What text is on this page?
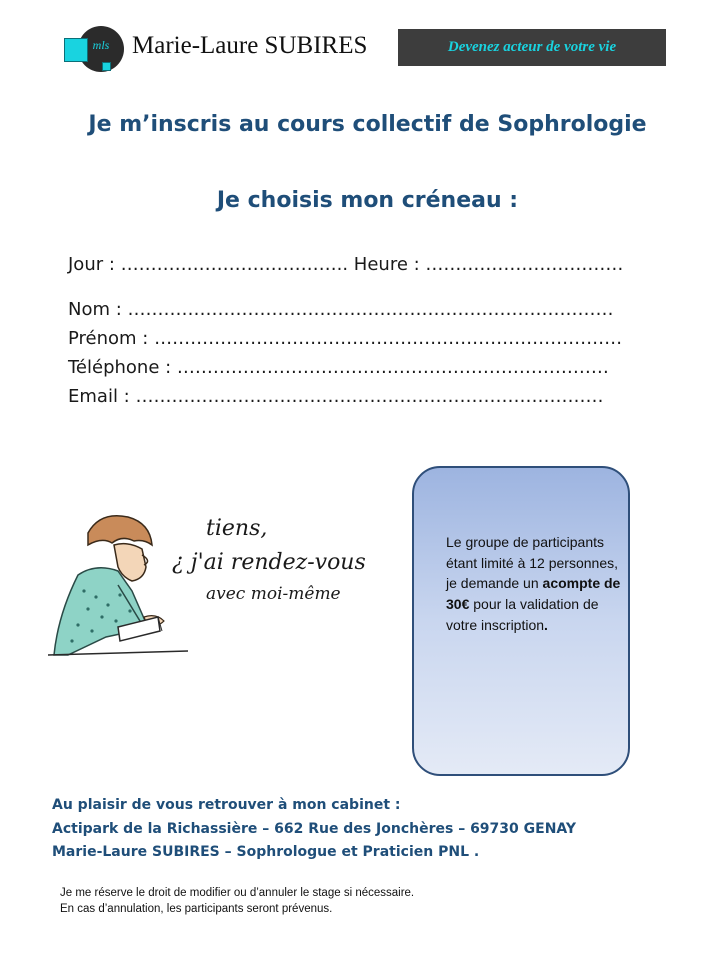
mls Marie-Laure SUBIRES	Devenez acteur de votre vie
Je m’inscris au cours collectif de Sophrologie
Je choisis mon créneau :
Jour : ……………………………….. Heure : ……………………………
Nom : ………………………………………………………………………
Prénom : ……………………………………………………………………
Téléphone : ………………………………………………………………
Email : ……………………………………………………………………
tiens,
¿ j'ai rendez-vous
avec moi-même
Le groupe de participants étant limité à 12 personnes, je demande un acompte de 30€ pour la validation de votre inscription.
Au plaisir de vous retrouver à mon cabinet :
Actipark de la Richassière – 662 Rue des Jonchères – 69730 GENAY
Marie-Laure SUBIRES – Sophrologue et Praticien PNL .
Je me réserve le droit de modifier ou d’annuler le stage si nécessaire.
En cas d’annulation, les participants seront prévenus.
